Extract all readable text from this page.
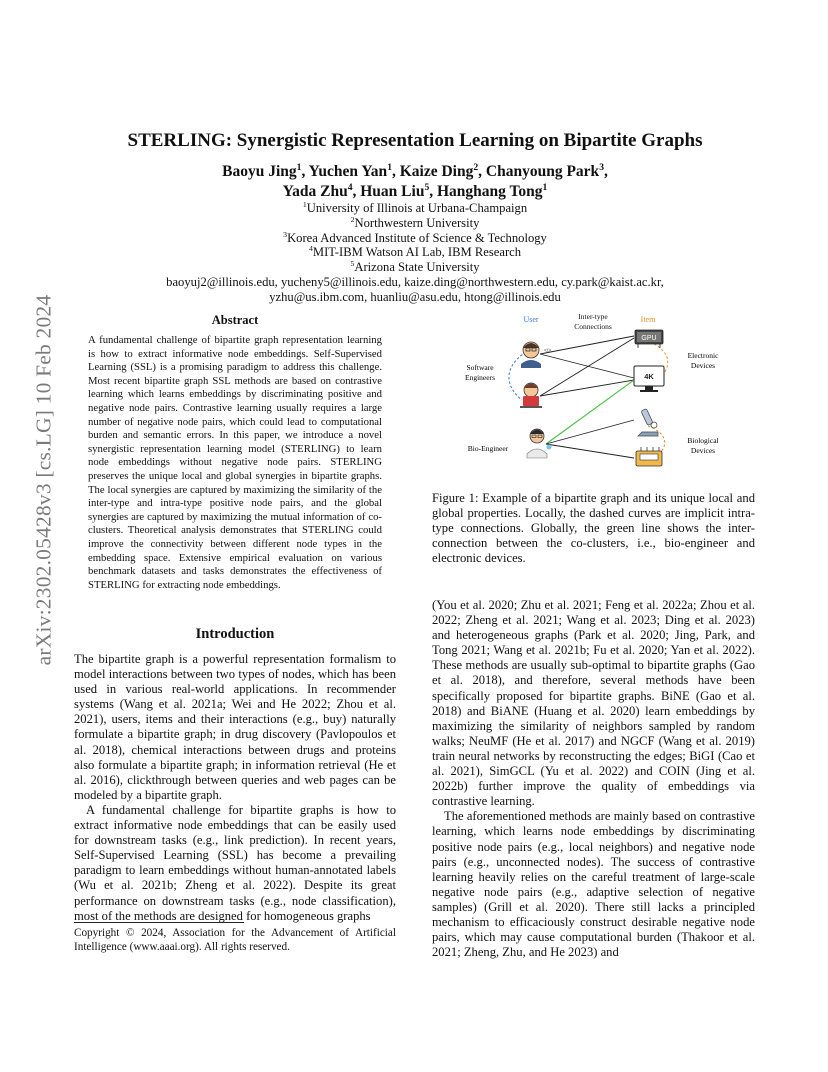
arXiv:2302.05428v3 [cs.LG] 10 Feb 2024
STERLING: Synergistic Representation Learning on Bipartite Graphs
Baoyu Jing$^1$, Yuchen Yan$^1$, Kaize Ding$^2$, Chanyoung Park$^3$,
Yada Zhu$^4$, Huan Liu$^5$, Hanghang Tong$^1$
$^1$University of Illinois at Urbana-Champaign
$^2$Northwestern University
$^3$Korea Advanced Institute of Science & Technology
$^4$MIT-IBM Watson AI Lab, IBM Research
$^5$Arizona State University
baoyuj2@illinois.edu, yucheny5@illinois.edu, kaize.ding@northwestern.edu, cy.park@kaist.ac.kr,
yzhu@us.ibm.com, huanliu@asu.edu, htong@illinois.edu
Abstract
A fundamental challenge of bipartite graph representation learning is how to extract informative node embeddings. Self-Supervised Learning (SSL) is a promising paradigm to address this challenge. Most recent bipartite graph SSL methods are based on contrastive learning which learns embeddings by discriminating positive and negative node pairs. Contrastive learning usually requires a large number of negative node pairs, which could lead to computational burden and semantic errors. In this paper, we introduce a novel synergistic representation learning model (STERLING) to learn node embeddings without negative node pairs. STERLING preserves the unique local and global synergies in bipartite graphs. The local synergies are captured by maximizing the similarity of the inter-type and intra-type positive node pairs, and the global synergies are captured by maximizing the mutual information of co-clusters. Theoretical analysis demonstrates that STERLING could improve the connectivity between different node types in the embedding space. Extensive empirical evaluation on various benchmark datasets and tasks demonstrates the effectiveness of STERLING for extracting node embeddings.
Introduction

The bipartite graph is a powerful representation formalism to model interactions between two types of nodes, which has been used in various real-world applications. In recommender systems (Wang et al. 2021a; Wei and He 2022; Zhou et al. 2021), users, items and their interactions (e.g., buy) naturally formulate a bipartite graph; in drug discovery (Pavlopoulos et al. 2018), chemical interactions between drugs and proteins also formulate a bipartite graph; in information retrieval (He et al. 2016), clickthrough between queries and web pages can be modeled by a bipartite graph.

A fundamental challenge for bipartite graphs is how to extract informative node embeddings that can be easily used for downstream tasks (e.g., link prediction). In recent years, Self-Supervised Learning (SSL) has become a prevailing paradigm to learn embeddings without human-annotated labels (Wu et al. 2021b; Zheng et al. 2022). Despite its great performance on downstream tasks (e.g., node classification), most of the methods are designed for homogeneous graphs

Copyright © 2024, Association for the Advancement of Artificial Intelligence (www.aaai.org). All rights reserved.
User	Inter-type
Connections
Item
Software
Engineers
Bio-Engineer
Electronic
Devices
Biological
Devices
</>
GPU
4K
Figure 1: Example of a bipartite graph and its unique local and global properties. Locally, the dashed curves are implicit intra-type connections. Globally, the green line shows the inter-connection between the co-clusters, i.e., bio-engineer and electronic devices.

(You et al. 2020; Zhu et al. 2021; Feng et al. 2022a; Zhou et al. 2022; Zheng et al. 2021; Wang et al. 2023; Ding et al. 2023) and heterogeneous graphs (Park et al. 2020; Jing, Park, and Tong 2021; Wang et al. 2021b; Fu et al. 2020; Yan et al. 2022). These methods are usually sub-optimal to bipartite graphs (Gao et al. 2018), and therefore, several methods have been specifically proposed for bipartite graphs. BiNE (Gao et al. 2018) and BiANE (Huang et al. 2020) learn embeddings by maximizing the similarity of neighbors sampled by random walks; NeuMF (He et al. 2017) and NGCF (Wang et al. 2019) train neural networks by reconstructing the edges; BiGI (Cao et al. 2021), SimGCL (Yu et al. 2022) and COIN (Jing et al. 2022b) further improve the quality of embeddings via contrastive learning.

The aforementioned methods are mainly based on contrastive learning, which learns node embeddings by discriminating positive node pairs (e.g., local neighbors) and negative node pairs (e.g., unconnected nodes). The success of contrastive learning heavily relies on the careful treatment of large-scale negative node pairs (e.g., adaptive selection of negative samples) (Grill et al. 2020). There still lacks a principled mechanism to efficaciously construct desirable negative node pairs, which may cause computational burden (Thakoor et al. 2021; Zheng, Zhu, and He 2023) and
